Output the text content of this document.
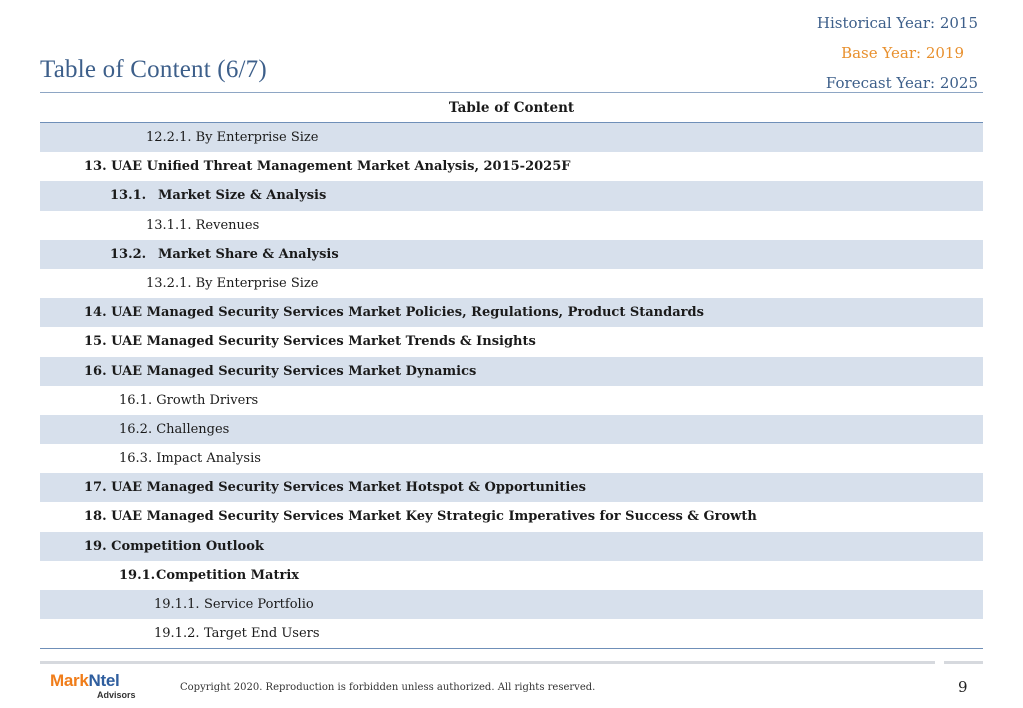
Historical Year: 2015
Base Year: 2019
Forecast Year: 2025
Table of Content (6/7)
Table of Content
12.2.1. By Enterprise Size
13. UAE Unified Threat Management Market Analysis, 2015-2025F
13.1. Market Size & Analysis
13.1.1. Revenues
13.2. Market Share & Analysis
13.2.1. By Enterprise Size
14. UAE Managed Security Services Market Policies, Regulations, Product Standards
15. UAE Managed Security Services Market Trends & Insights
16. UAE Managed Security Services Market Dynamics
16.1. Growth Drivers
16.2. Challenges
16.3. Impact Analysis
17. UAE Managed Security Services Market Hotspot & Opportunities
18. UAE Managed Security Services Market Key Strategic Imperatives for Success & Growth
19. Competition Outlook
19.1.Competition Matrix
19.1.1. Service Portfolio
19.1.2. Target End Users
MarkNtel
Advisors
Copyright 2020. Reproduction is forbidden unless authorized. All rights reserved.	9
